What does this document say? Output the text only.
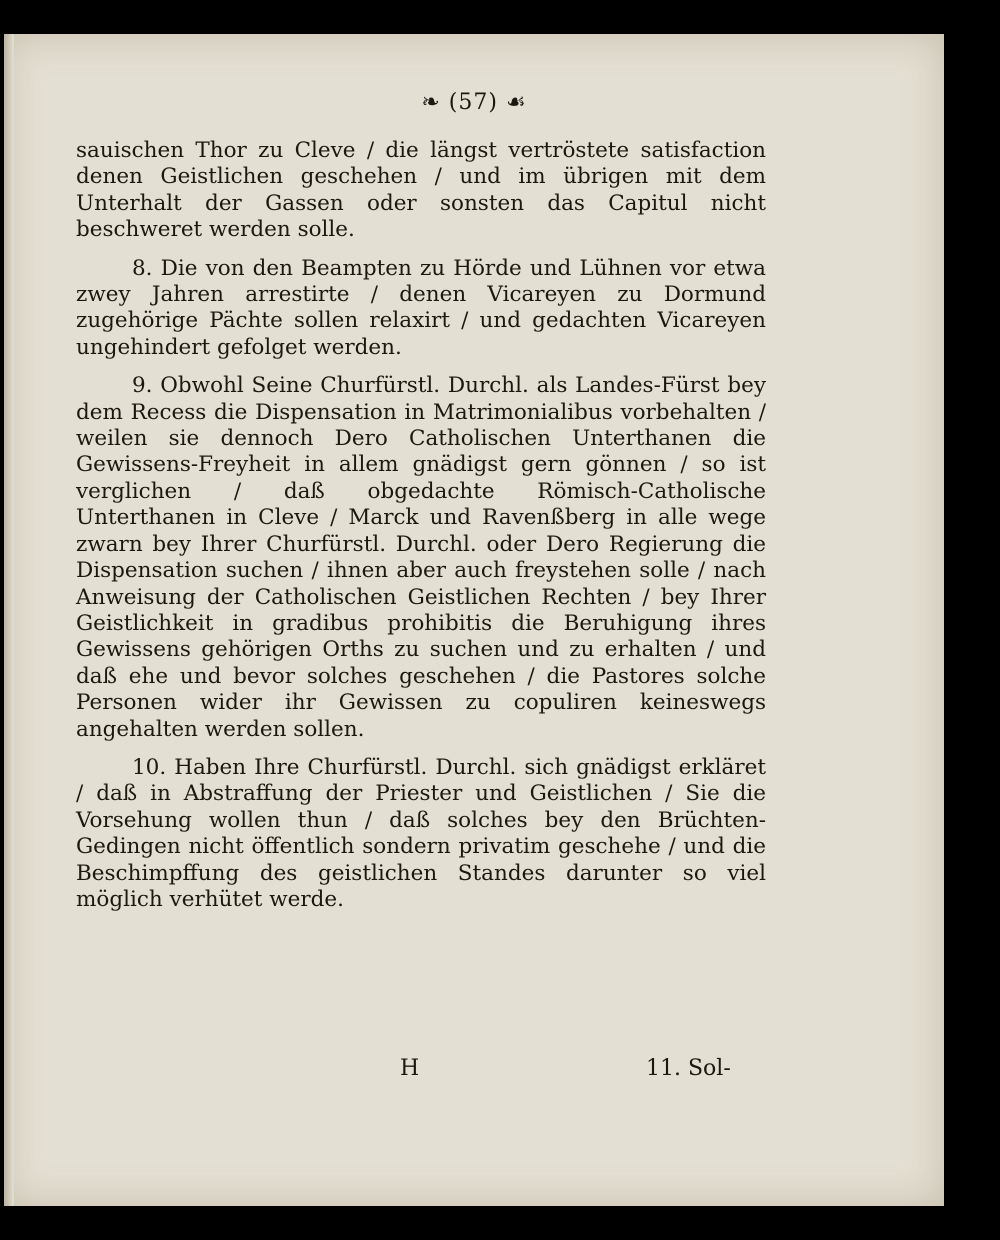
❧ (57) ☙

sauischen Thor zu Cleve / die längst vertröstete satisfaction denen Geistlichen geschehen / und im übrigen mit dem Unterhalt der Gassen oder sonsten das Capitul nicht beschweret werden solle.

8. Die von den Beampten zu Hörde und Lühnen vor etwa zwey Jahren arrestirte / denen Vicareyen zu Dormund zugehörige Pächte sollen relaxirt / und gedachten Vicareyen ungehindert gefolget werden.

9. Obwohl Seine Churfürstl. Durchl. als Landes-Fürst bey dem Recess die Dispensation in Matrimonialibus vorbehalten / weilen sie dennoch Dero Catholischen Unterthanen die Gewissens-Freyheit in allem gnädigst gern gönnen / so ist verglichen / daß obgedachte Römisch-Catholische Unterthanen in Cleve / Marck und Ravenßberg in alle wege zwarn bey Ihrer Churfürstl. Durchl. oder Dero Regierung die Dispensation suchen / ihnen aber auch freystehen solle / nach Anweisung der Catholischen Geistlichen Rechten / bey Ihrer Geistlichkeit in gradibus prohibitis die Beruhigung ihres Gewissens gehörigen Orths zu suchen und zu erhalten / und daß ehe und bevor solches geschehen / die Pastores solche Personen wider ihr Gewissen zu copuliren keineswegs angehalten werden sollen.

10. Haben Ihre Churfürstl. Durchl. sich gnädigst erkläret / daß in Abstraffung der Priester und Geistlichen / Sie die Vorsehung wollen thun / daß solches bey den Brüchten-Gedingen nicht öffentlich sondern privatim geschehe / und die Beschimpffung des geistlichen Standes darunter so viel möglich verhütet werde.

H	11. Sol-
